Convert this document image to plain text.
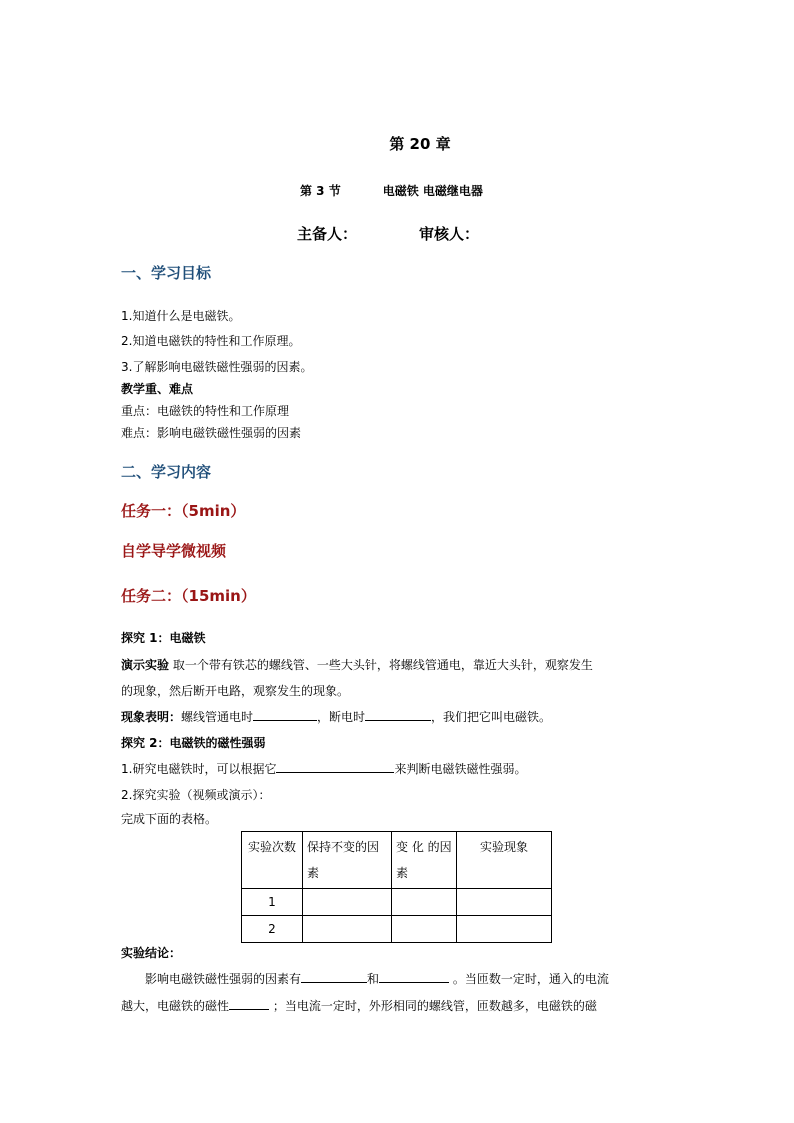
第 20 章
第 3 节	电磁铁 电磁继电器
主备人：	审核人：
一、学习目标
1.知道什么是电磁铁。
2.知道电磁铁的特性和工作原理。
3.了解影响电磁铁磁性强弱的因素。
教学重、难点
重点：电磁铁的特性和工作原理
难点：影响电磁铁磁性强弱的因素
二、学习内容
任务一：（5min）
自学导学微视频
任务二：（15min）
探究 1：电磁铁
演示实验 取一个带有铁芯的螺线管、一些大头针，将螺线管通电，靠近大头针，观察发生
的现象，然后断开电路，观察发生的现象。
现象表明：螺线管通电时	，断电时	，我们把它叫电磁铁。
探究 2：电磁铁的磁性强弱
1.研究电磁铁时，可以根据它	来判断电磁铁磁性强弱。
2.探究实验（视频或演示）：
完成下面的表格。
实验次数	保持不变的因素	变 化 的因素	实验现象
1			
2			
实验结论：
影响电磁铁磁性强弱的因素有	和	。当匝数一定时，通入的电流
越大，电磁铁的磁性	；当电流一定时，外形相同的螺线管，匝数越多，电磁铁的磁
